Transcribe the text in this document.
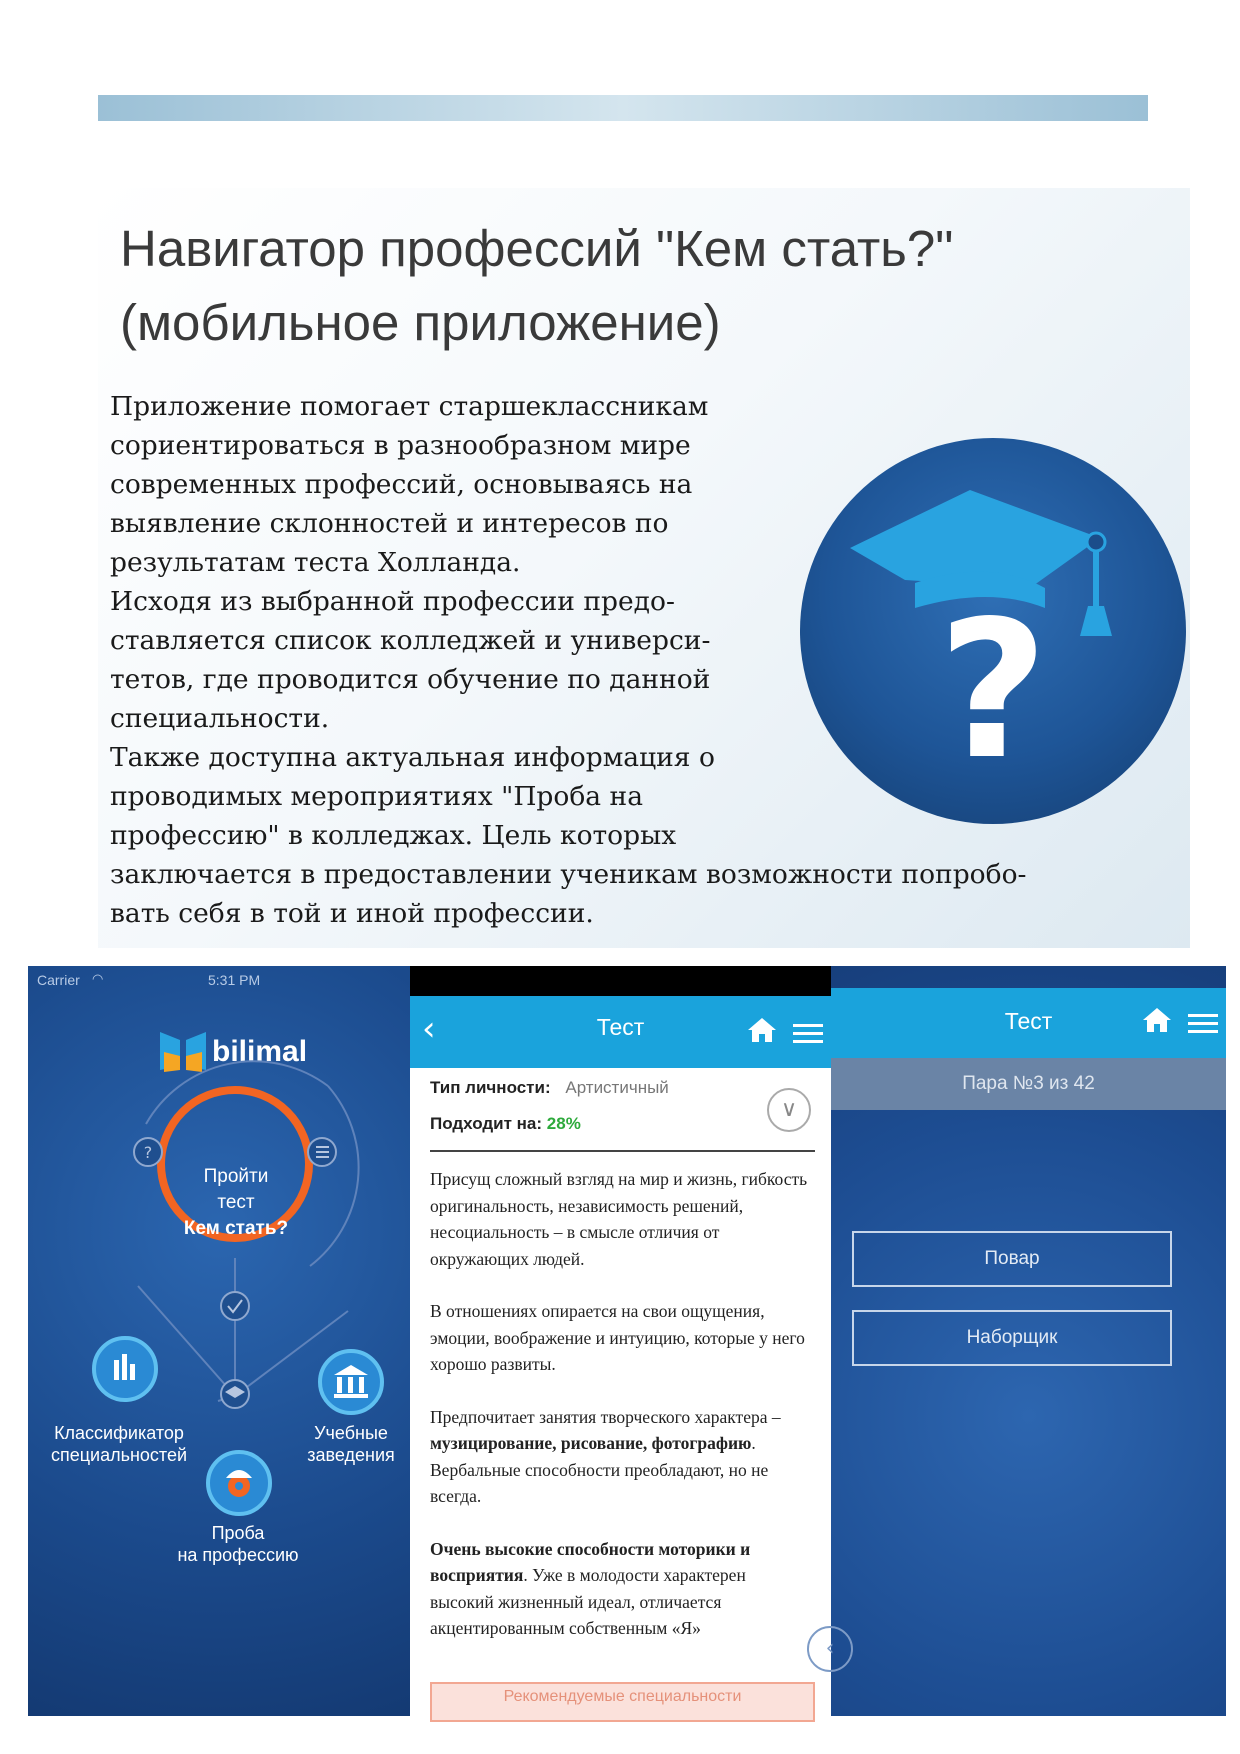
Навигатор профессий "Кем стать?"
(мобильное приложение)

Приложение помогает старшеклассникам

сориентироваться в разнообразном мире

современных профессий, основываясь на

выявление склонностей и интересов по

результатам теста Холланда.

Исходя из выбранной профессии предо-

ставляется список колледжей и универси-

тетов, где проводится обучение по данной

специальности.

Также доступна актуальная информация о

проводимых мероприятиях "Проба на

профессию" в колледжах. Цель которых

заключается в предоставлении ученикам возможности попробо-

вать себя в той и иной профессии.

?
Carrier ◠	5:31 PM
bilimal
?
Пройти
тест
Кем стать?
Классификатор
специальностей
Учебные
заведения
Проба
на профессию
‹	Тест
Тип личности: Артистичный
Подходит на: 28%
∨

Присущ сложный взгляд на мир и жизнь, гибкость оригинальность, независимость решений, несоциальность – в смысле отличия от окружающих людей.

В отношениях опирается на свои ощущения, эмоции, воображение и интуицию, которые у него хорошо развиты.

Предпочитает занятия творческого характера – музицирование, рисование, фотографию. Вербальные способности преобладают, но не всегда.

Очень высокие способности моторики и восприятия. Уже в молодости характерен высокий жизненный идеал, отличается акцентированным собственным «Я»

Рекомендуемые специальности
Тест
Пара №3 из 42
Повар
Наборщик
‹
